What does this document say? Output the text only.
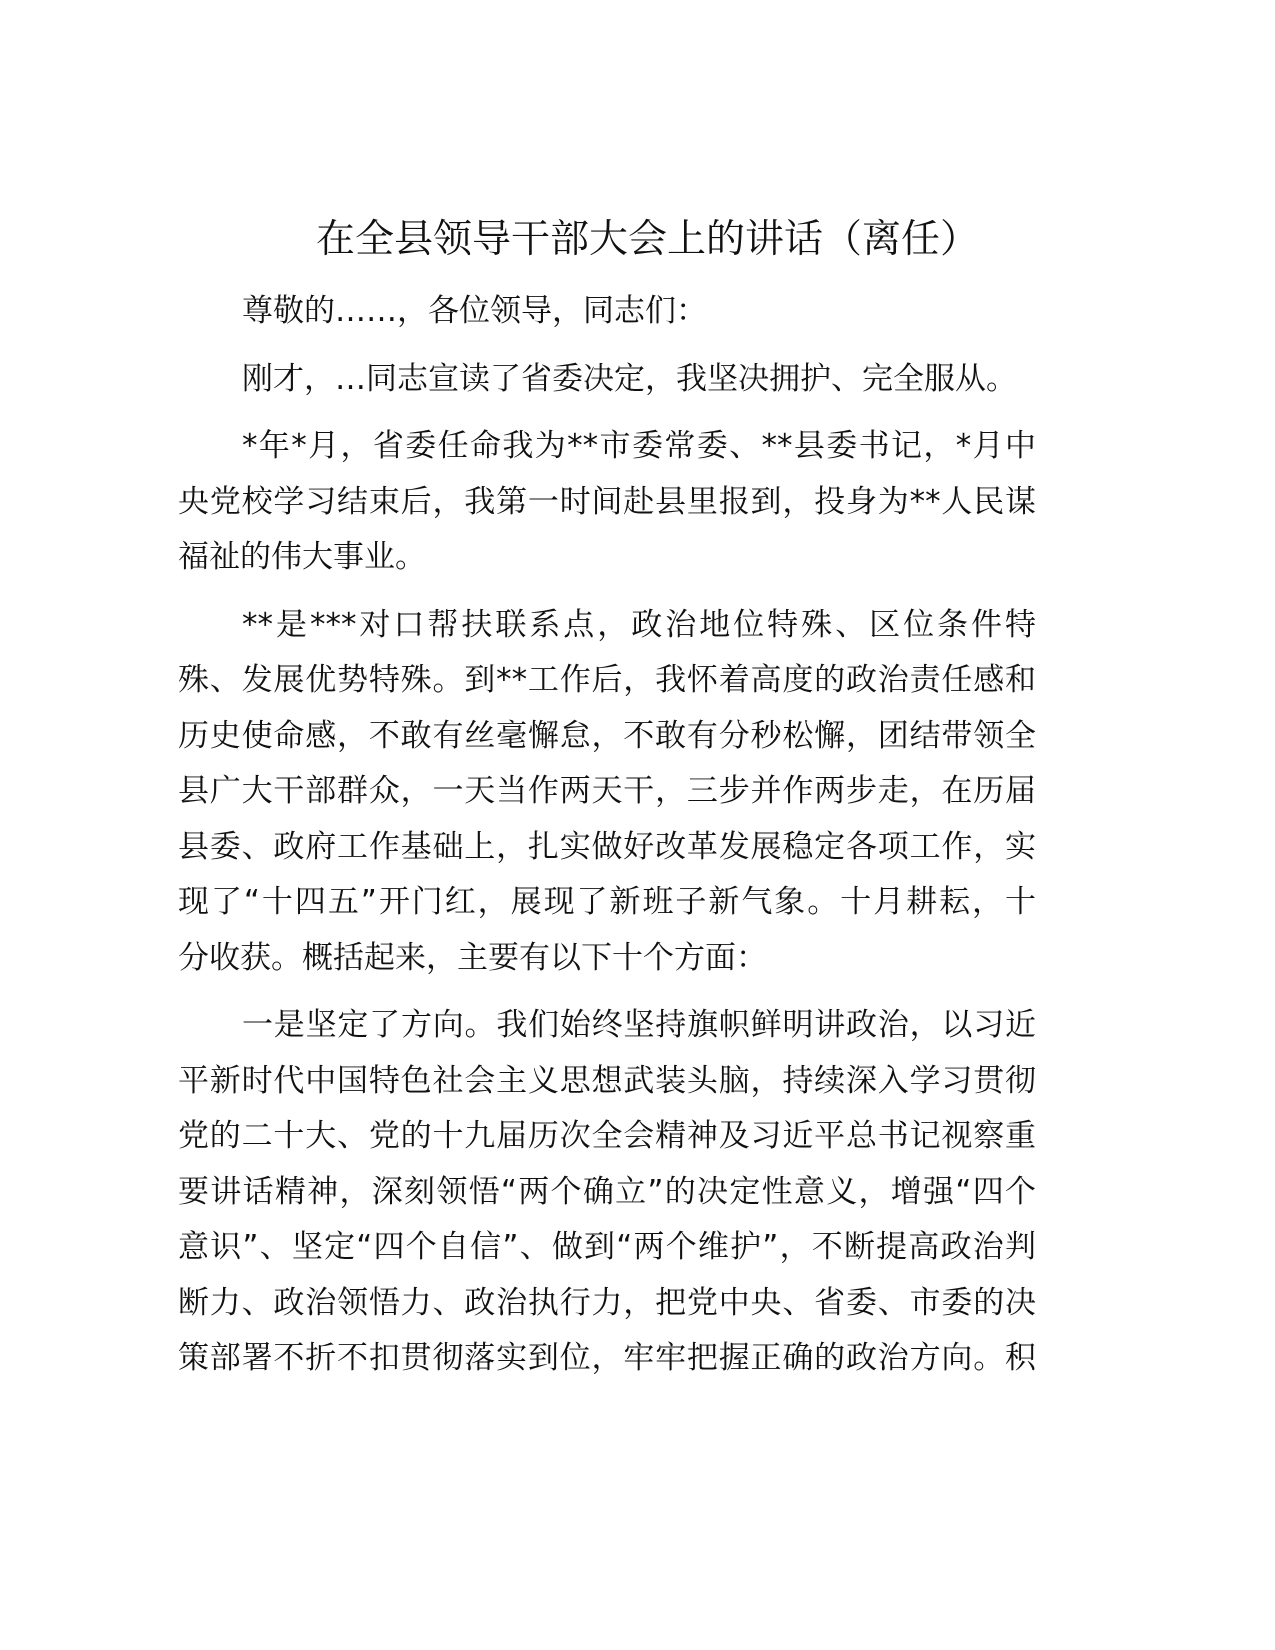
在全县领导干部大会上的讲话（离任）
尊敬的……，各位领导，同志们：
刚才，…同志宣读了省委决定，我坚决拥护、完全服从。
*年*月，省委任命我为**市委常委、**县委书记，*月中
央党校学习结束后，我第一时间赴县里报到，投身为**人民谋
福祉的伟大事业。
**是***对口帮扶联系点，政治地位特殊、区位条件特
殊、发展优势特殊。到**工作后，我怀着高度的政治责任感和
历史使命感，不敢有丝毫懈怠，不敢有分秒松懈，团结带领全
县广大干部群众，一天当作两天干，三步并作两步走，在历届
县委、政府工作基础上，扎实做好改革发展稳定各项工作，实
现了“十四五”开门红，展现了新班子新气象。十月耕耘，十
分收获。概括起来，主要有以下十个方面：
一是坚定了方向。我们始终坚持旗帜鲜明讲政治，以习近
平新时代中国特色社会主义思想武装头脑，持续深入学习贯彻
党的二十大、党的十九届历次全会精神及习近平总书记视察重
要讲话精神，深刻领悟“两个确立”的决定性意义，增强“四个
意识”、坚定“四个自信”、做到“两个维护”，不断提高政治判
断力、政治领悟力、政治执行力，把党中央、省委、市委的决
策部署不折不扣贯彻落实到位，牢牢把握正确的政治方向。积
